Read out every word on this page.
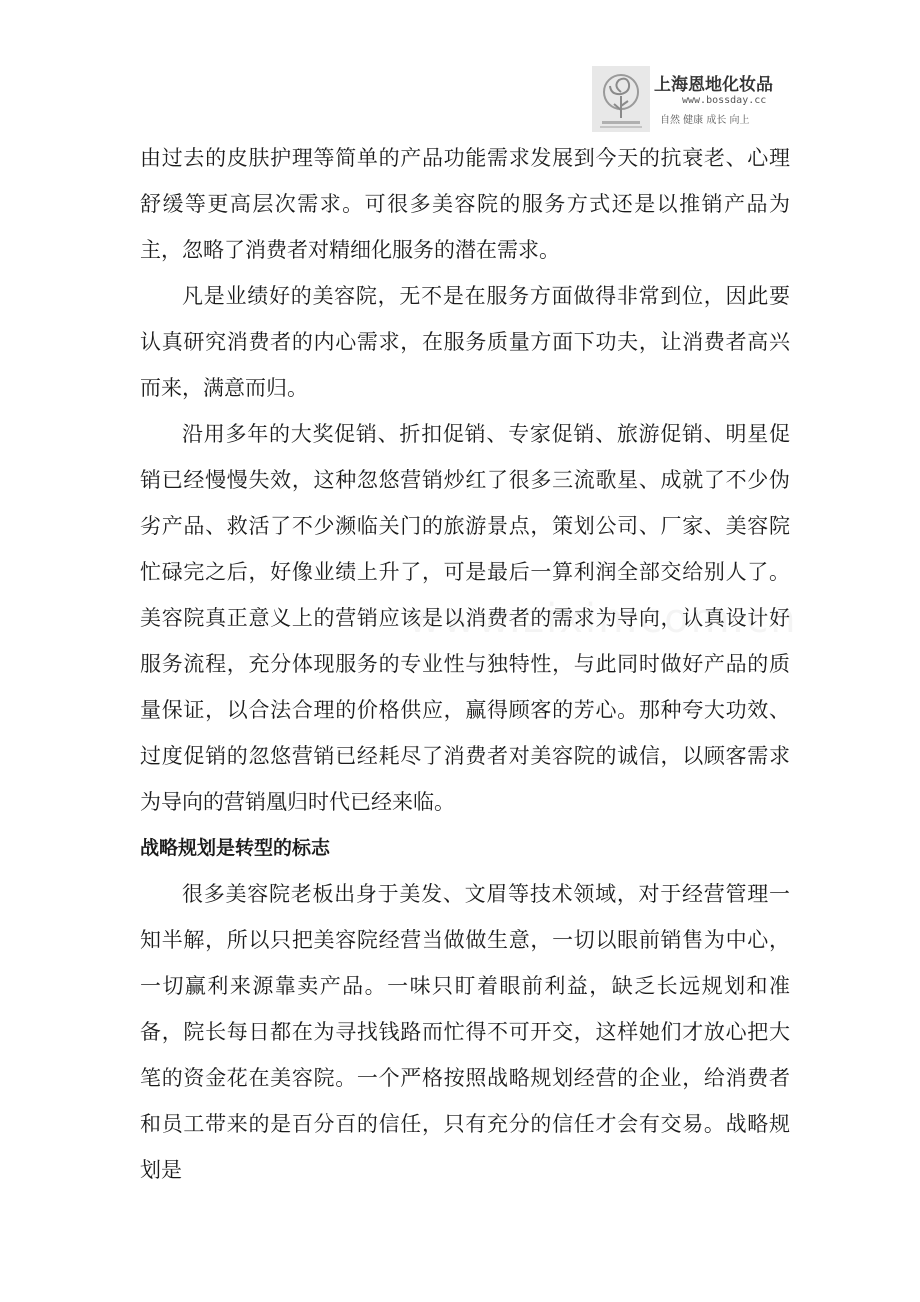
上海恩地化妆品
www.bossday.cc
自然 健康 成长 向上

由过去的皮肤护理等简单的产品功能需求发展到今天的抗衰老、心理舒缓等更高层次需求。可很多美容院的服务方式还是以推销产品为主，忽略了消费者对精细化服务的潜在需求。

凡是业绩好的美容院，无不是在服务方面做得非常到位，因此要认真研究消费者的内心需求，在服务质量方面下功夫，让消费者高兴而来，满意而归。

沿用多年的大奖促销、折扣促销、专家促销、旅游促销、明星促销已经慢慢失效，这种忽悠营销炒红了很多三流歌星、成就了不少伪劣产品、救活了不少濒临关门的旅游景点，策划公司、厂家、美容院忙碌完之后，好像业绩上升了，可是最后一算利润全部交给别人了。美容院真正意义上的营销应该是以消费者的需求为导向，认真设计好服务流程，充分体现服务的专业性与独特性，与此同时做好产品的质量保证，以合法合理的价格供应，赢得顾客的芳心。那种夸大功效、过度促销的忽悠营销已经耗尽了消费者对美容院的诚信，以顾客需求为导向的营销凰归时代已经来临。

战略规划是转型的标志

很多美容院老板出身于美发、文眉等技术领域，对于经营管理一知半解，所以只把美容院经营当做做生意，一切以眼前销售为中心，一切赢利来源靠卖产品。一味只盯着眼前利益，缺乏长远规划和准备，院长每日都在为寻找钱路而忙得不可开交，这样她们才放心把大笔的资金花在美容院。一个严格按照战略规划经营的企业，给消费者和员工带来的是百分百的信任，只有充分的信任才会有交易。战略规划是
